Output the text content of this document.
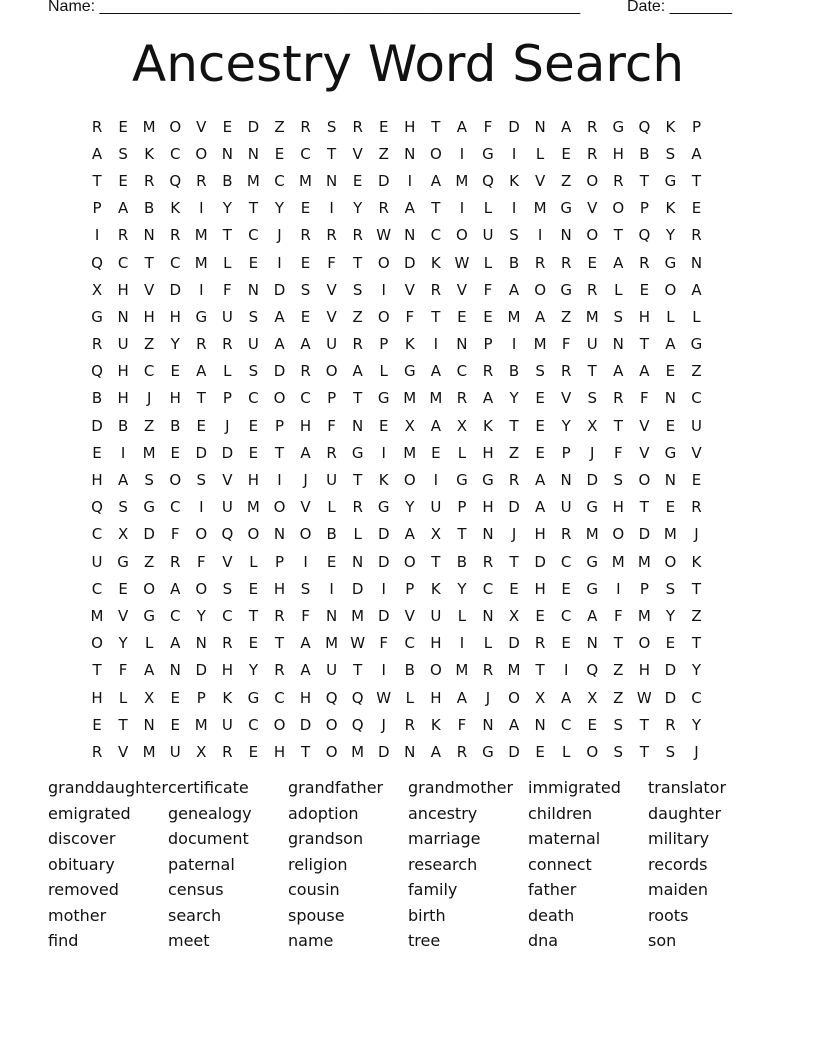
Name: ______________________________________________________	Date: _______
Ancestry Word Search
R	E M O	V	E	D	Z	R	S	R	E	H	T	A	F	D N	A	R	G Q	K	P
A	S	K	C O N N	E	C	T	V	Z	N O	I	G	I	L	E	R	H	B	S	A
T	E	R Q R	B M C M N	E	D	I	A M Q	K	V	Z	O R	T	G	T
P	A	B	K	I	Y	T	Y	E	I	Y	R	A	T	I	L	I	M G	V	O	P	K	E
I	R	N	R M	T	C	J	R	R	R W N	C O U	S	I	N O	T	Q	Y	R
Q C	T	C M	L	E	I	E	F	T	O D	K W L	B	R	R	E	A	R	G N
X	H	V	D	I	F	N D	S	V	S	I	V	R	V	F	A	O G	R	L	E	O	A
G N H H G U	S	A	E	V	Z	O	F	T	E	E M A	Z M S	H	L	L
R	U	Z	Y	R	R	U	A	A	U	R	P	K	I	N	P	I	M	F	U N	T	A	G
Q H	C	E	A	L	S	D	R O	A	L	G	A	C	R	B	S	R	T	A	A	E	Z
B	H	J	H	T	P	C O C	P	T	G M M R	A	Y	E	V	S	R	F	N	C
D	B	Z	B	E	J	E	P	H	F	N	E	X	A	X	K	T	E	Y	X	T	V	E	U
E	I	M E	D D	E	T	A	R	G	I	M E	L	H	Z	E	P	J	F	V	G	V
H	A	S	O	S	V	H	I	J	U	T	K	O	I	G G	R	A	N D	S	O N	E
Q	S	G	C	I	U M O	V	L	R	G	Y	U	P	H D	A	U G H	T	E	R
C	X	D	F	O Q O N O	B	L	D	A	X	T	N	J	H	R M O D M	J
U G	Z	R	F	V	L	P	I	E	N D O	T	B	R	T	D	C	G M M O	K
C	E	O	A	O	S	E	H	S	I	D	I	P	K	Y	C	E	H	E	G	I	P	S	T
M V	G	C	Y	C	T	R	F	N M D	V	U	L	N	X	E	C	A	F	M	Y	Z
O	Y	L	A	N	R	E	T	A M W F	C	H	I	L	D	R	E	N	T	O	E	T
T	F	A	N D H	Y	R	A	U	T	I	B	O M R M	T	I	Q	Z	H D	Y
H	L	X	E	P	K	G	C	H Q Q W L	H	A	J	O	X	A	X	Z W D	C
E	T	N	E M U	C O D O Q	J	R	K	F	N	A	N	C	E	S	T	R	Y
R	V M U	X	R	E	H	T	O M D N	A	R	G D	E	L	O	S	T	S	J
granddaughter certificate	grandfather	grandmother immigrated	translator
emigrated	genealogy	adoption	ancestry	children	daughter
discover	document	grandson	marriage	maternal	military
obituary	paternal	religion	research	connect	records
removed	census	cousin	family	father	maiden
mother	search	spouse	birth	death	roots
find	meet	name	tree	dna	son
